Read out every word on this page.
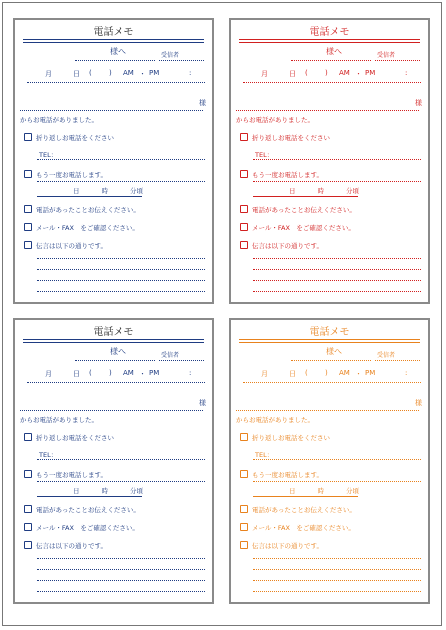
電話メモ
様へ	受信者
月	日 ( ) AM ・ PM	:
様
からお電話がありました。
折り返しお電話をください
TEL：
もう一度お電話します。
日	時	分頃
電話があったことお伝えください。
メール・FAX　をご確認ください。
伝言は以下の通りです。
電話メモ
様へ	受信者
月	日 ( ) AM ・ PM	:
様
からお電話がありました。
折り返しお電話をください
TEL：
もう一度お電話します。
日	時	分頃
電話があったことお伝えください。
メール・FAX　をご確認ください。
伝言は以下の通りです。
電話メモ
様へ	受信者
月	日 ( ) AM ・ PM	:
様
からお電話がありました。
折り返しお電話をください
TEL：
もう一度お電話します。
日	時	分頃
電話があったことお伝えください。
メール・FAX　をご確認ください。
伝言は以下の通りです。
電話メモ
様へ	受信者
月	日 ( ) AM ・ PM	:
様
からお電話がありました。
折り返しお電話をください
TEL：
もう一度お電話します。
日	時	分頃
電話があったことお伝えください。
メール・FAX　をご確認ください。
伝言は以下の通りです。
